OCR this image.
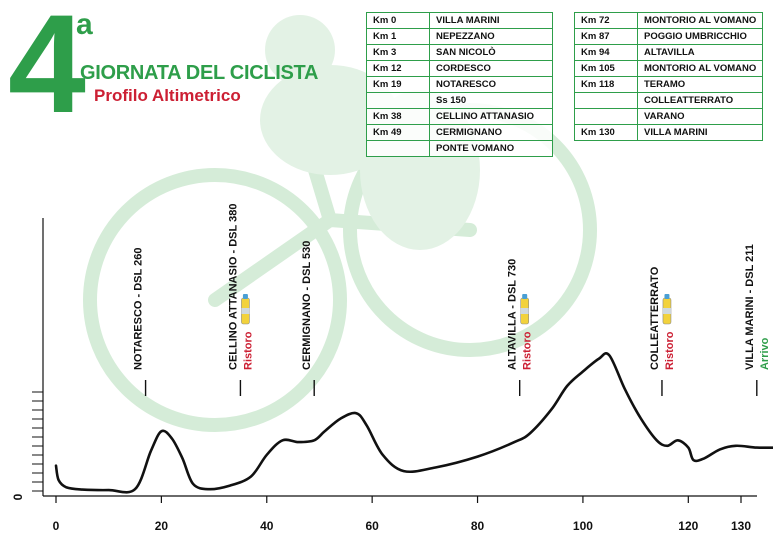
4
a
GIORNATA DEL CICLISTA
Profilo Altimetrico
Km 0	VILLA MARINI
Km 1	NEPEZZANO
Km 3	SAN NICOLÒ
Km 12	CORDESCO
Km 19	NOTARESCO
	Ss 150
Km 38	CELLINO ATTANASIO
Km 49	CERMIGNANO
	PONTE VOMANO
Km 72	MONTORIO AL VOMANO
Km 87	POGGIO UMBRICCHIO
Km 94	ALTAVILLA
Km 105	MONTORIO AL VOMANO
Km 118	TERAMO
	COLLEATTERRATO
	VARANO
Km 130	VILLA MARINI
0
0	20	40	60	80	100	120	130
NOTARESCO - DSL 260	CELLINO ATTANASIO - DSL 380 Ristoro	CERMIGNANO - DSL 530	ALTAVILLA - DSL 730 Ristoro	COLLEATTERRATO Ristoro	VILLA MARINI - DSL 211 Arrivo
